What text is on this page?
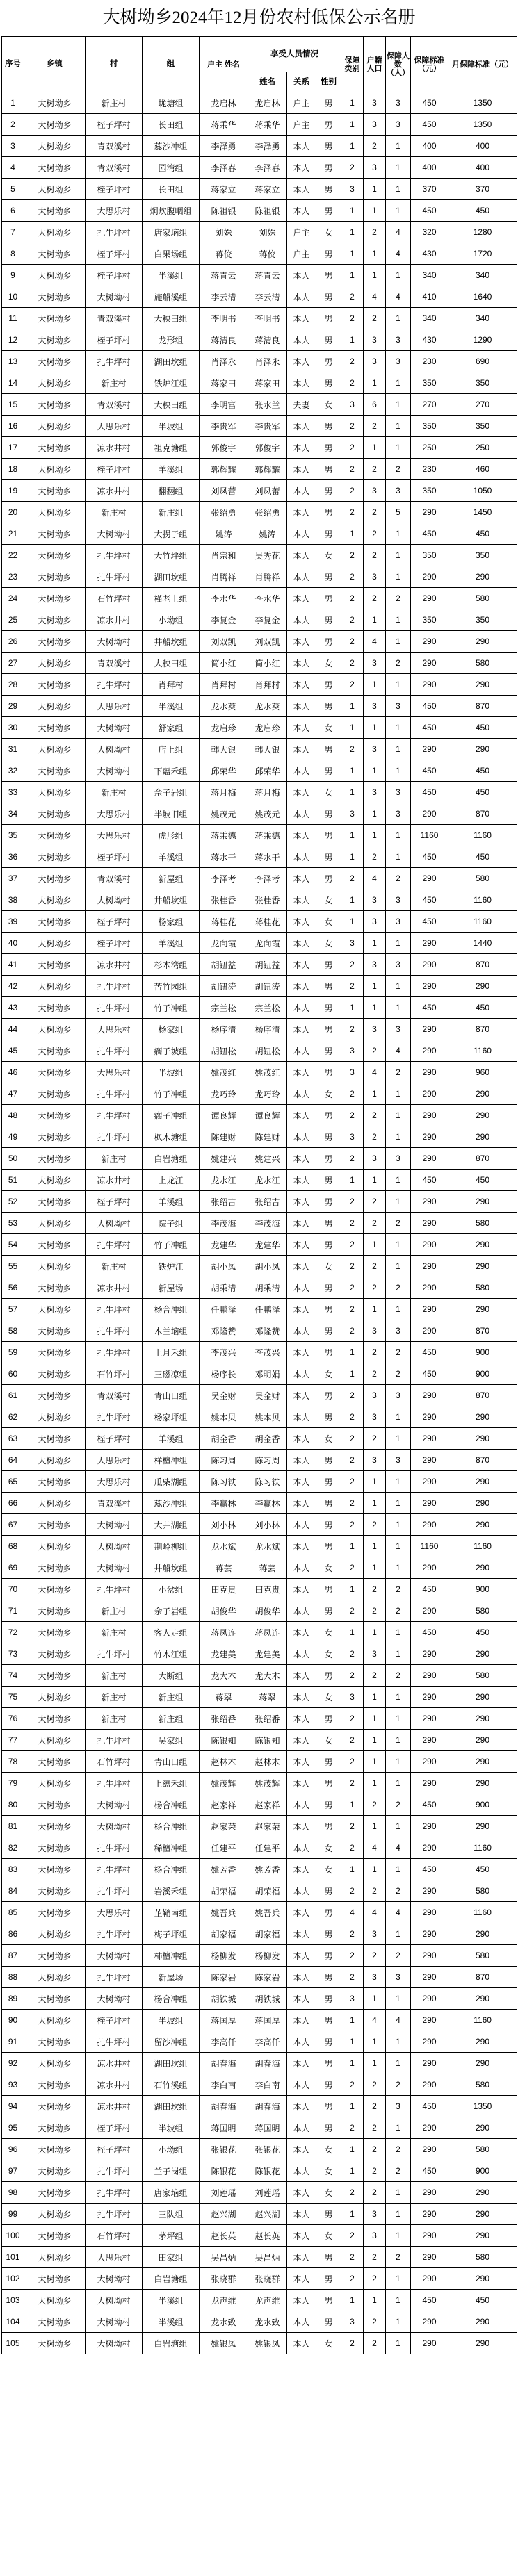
大树坳乡2024年12月份农村低保公示名册
序号	乡镇	村	组	户主 姓名	享受人员情况			保障类别	户籍人口	保障人数（人）	保障标准（元）	月保障标准（元）
					姓名	关系	性别					
1	大树坳乡	新庄村	垅塘组	龙启林	龙启林	户主	男	1	3	3	450	1350
2	大树坳乡	桎子坪村	长田组	蒋乘华	蒋乘华	户主	男	1	3	3	450	1350
3	大树坳乡	青双溪村	蕊沙冲组	李泽勇	李泽勇	本人	男	1	2	1	400	400
4	大树坳乡	青双溪村	园湾组	李泽春	李泽春	本人	男	2	3	1	400	400
5	大树坳乡	桎子坪村	长田组	蒋家立	蒋家立	本人	男	3	1	1	370	370
6	大树坳乡	大思乐村	炯炊腹咽组	陈祖银	陈祖银	本人	男	1	1	1	450	450
7	大树坳乡	扎牛坪村	唐家垴组	刘姝	刘姝	户主	女	1	2	4	320	1280
8	大树坳乡	桎子坪村	白果场组	蒋佼	蒋佼	户主	男	1	1	4	430	1720
9	大树坳乡	桎子坪村	半溪组	蒋青云	蒋青云	本人	男	1	1	1	340	340
10	大树坳乡	大树坳村	施船溪组	李云清	李云清	本人	男	2	4	4	410	1640
11	大树坳乡	青双溪村	大秧田组	李明书	李明书	本人	男	2	2	1	340	340
12	大树坳乡	桎子坪村	龙形组	蒋清良	蒋清良	本人	男	1	3	3	430	1290
13	大树坳乡	扎牛坪村	湖田坎组	肖泽永	肖泽永	本人	男	2	3	3	230	690
14	大树坳乡	新庄村	铁炉江组	蒋家田	蒋家田	本人	男	2	1	1	350	350
15	大树坳乡	青双溪村	大秧田组	李明富	张水兰	夫妻	女	3	6	1	270	270
16	大树坳乡	大思乐村	半坡组	李贵军	李贵军	本人	男	2	2	1	350	350
17	大树坳乡	凉水井村	祖克塘组	郭俊宇	郭俊宇	本人	男	2	1	1	250	250
18	大树坳乡	桎子坪村	羊溪组	郭辉耀	郭辉耀	本人	男	2	2	2	230	460
19	大树坳乡	凉水井村	翻翻组	刘凤蕾	刘凤蕾	本人	男	2	3	3	350	1050
20	大树坳乡	新庄村	新庄组	张绍勇	张绍勇	本人	男	2	2	5	290	1450
21	大树坳乡	大树坳村	大拐子组	姚涛	姚涛	本人	男	1	2	1	450	450
22	大树坳乡	扎牛坪村	大竹坪组	肖宗和	吴秀花	本人	女	2	2	1	350	350
23	大树坳乡	扎牛坪村	湖田坎组	肖腾祥	肖腾祥	本人	男	2	3	1	290	290
24	大树坳乡	石竹坪村	槿老上组	李水华	李水华	本人	男	2	2	2	290	580
25	大树坳乡	凉水井村	小坳组	李复金	李复金	本人	男	2	1	1	350	350
26	大树坳乡	大树坳村	井船坎组	刘双凯	刘双凯	本人	男	2	4	1	290	290
27	大树坳乡	青双溪村	大秧田组	简小红	简小红	本人	女	2	3	2	290	580
28	大树坳乡	扎牛坪村	肖拜村	肖拜村	肖拜村	本人	男	2	1	1	290	290
29	大树坳乡	大思乐村	半溪组	龙水葵	龙水葵	本人	男	1	3	3	450	870
30	大树坳乡	大树坳村	舒家组	龙启珍	龙启珍	本人	女	1	1	1	450	450
31	大树坳乡	大树坳村	店上组	韩大银	韩大银	本人	男	2	3	1	290	290
32	大树坳乡	大树坳村	下蕴禾组	邱荣华	邱荣华	本人	男	1	1	1	450	450
33	大树坳乡	新庄村	佘子岩组	蒋月梅	蒋月梅	本人	女	1	3	3	450	450
34	大树坳乡	大思乐村	半坡旧组	姚茂元	姚茂元	本人	男	3	1	3	290	870
35	大树坳乡	大思乐村	虎形组	蒋乘德	蒋乘德	本人	男	1	1	1	1160	1160
36	大树坳乡	桎子坪村	羊溪组	蒋水干	蒋水干	本人	男	1	2	1	450	450
37	大树坳乡	青双溪村	新屋组	李泽考	李泽考	本人	男	2	4	2	290	580
38	大树坳乡	大树坳村	井船坎组	张桂香	张桂香	本人	女	1	3	3	450	1160
39	大树坳乡	桎子坪村	杨家组	蒋桂花	蒋桂花	本人	女	1	3	3	450	1160
40	大树坳乡	桎子坪村	羊溪组	龙向霞	龙向霞	本人	女	3	1	1	290	1440
41	大树坳乡	凉水井村	杉木湾组	胡钮益	胡钮益	本人	男	2	3	3	290	870
42	大树坳乡	扎牛坪村	苦竹园组	胡钮涛	胡钮涛	本人	男	2	1	1	290	290
43	大树坳乡	扎牛坪村	竹子冲组	宗兰松	宗兰松	本人	男	1	1	1	450	450
44	大树坳乡	大思乐村	杨家组	杨序清	杨序清	本人	男	2	3	3	290	870
45	大树坳乡	扎牛坪村	瘸子坡组	胡钮松	胡钮松	本人	男	3	2	4	290	1160
46	大树坳乡	大思乐村	半坡组	姚茂红	姚茂红	本人	男	3	4	2	290	960
47	大树坳乡	扎牛坪村	竹子冲组	龙巧玲	龙巧玲	本人	女	2	1	1	290	290
48	大树坳乡	扎牛坪村	瘸子冲组	谭良辉	谭良辉	本人	男	2	2	1	290	290
49	大树坳乡	扎牛坪村	枫木塘组	陈建财	陈建财	本人	男	3	2	1	290	290
50	大树坳乡	新庄村	白岩塘组	姚建兴	姚建兴	本人	男	2	3	3	290	870
51	大树坳乡	凉水井村	上龙江	龙水江	龙水江	本人	男	1	1	1	450	450
52	大树坳乡	桎子坪村	羊溪组	张绍吉	张绍吉	本人	男	2	2	1	290	290
53	大树坳乡	大树坳村	院子组	李茂海	李茂海	本人	男	2	2	2	290	580
54	大树坳乡	扎牛坪村	竹子冲组	龙建华	龙建华	本人	男	2	1	1	290	290
55	大树坳乡	新庄村	铁炉江	胡小凤	胡小凤	本人	女	2	2	1	290	290
56	大树坳乡	凉水井村	新屋场	胡乘清	胡乘清	本人	男	2	2	2	290	580
57	大树坳乡	扎牛坪村	杨合冲组	任鹏泽	任鹏泽	本人	男	2	1	1	290	290
58	大树坳乡	扎牛坪村	木兰垴组	邓隆赞	邓隆赞	本人	男	2	3	3	290	870
59	大树坳乡	扎牛坪村	上月禾组	李茂兴	李茂兴	本人	男	1	2	2	450	900
60	大树坳乡	石竹坪村	三磁凉组	杨序长	邓明娟	本人	女	1	2	2	450	900
61	大树坳乡	青双溪村	青山口组	吴金财	吴金财	本人	男	2	3	3	290	870
62	大树坳乡	扎牛坪村	杨家坪组	姚本贝	姚本贝	本人	男	2	3	1	290	290
63	大树坳乡	桎子坪村	羊溪组	胡金香	胡金香	本人	女	2	2	1	290	290
64	大树坳乡	大思乐村	样檀冲组	陈习周	陈习周	本人	男	2	3	3	290	870
65	大树坳乡	大思乐村	瓜柴湖组	陈习轶	陈习轶	本人	男	2	1	1	290	290
66	大树坳乡	青双溪村	蕊沙冲组	李赢林	李赢林	本人	男	2	1	1	290	290
67	大树坳乡	大树坳村	大井湖组	刘小林	刘小林	本人	男	2	2	1	290	290
68	大树坳乡	大树坳村	荆岭柳组	龙水斌	龙水斌	本人	男	1	1	1	1160	1160
69	大树坳乡	大树坳村	井船坎组	蒋芸	蒋芸	本人	女	2	1	1	290	290
70	大树坳乡	扎牛坪村	小岔组	田克贵	田克贵	本人	男	1	2	2	450	900
71	大树坳乡	新庄村	佘子岩组	胡俊华	胡俊华	本人	男	2	2	2	290	580
72	大树坳乡	新庄村	客人走组	蒋凤连	蒋凤连	本人	女	1	1	1	450	450
73	大树坳乡	扎牛坪村	竹木江组	龙建美	龙建美	本人	女	2	3	1	290	290
74	大树坳乡	新庄村	大断组	龙大木	龙大木	本人	男	2	2	2	290	580
75	大树坳乡	新庄村	新庄组	蒋翠	蒋翠	本人	女	3	1	1	290	290
76	大树坳乡	新庄村	新庄组	张绍番	张绍番	本人	男	2	1	1	290	290
77	大树坳乡	扎牛坪村	吴家组	陈银知	陈银知	本人	女	2	1	1	290	290
78	大树坳乡	石竹坪村	青山口组	赵林木	赵林木	本人	男	2	1	1	290	290
79	大树坳乡	扎牛坪村	上蕴禾组	姚茂辉	姚茂辉	本人	男	2	1	1	290	290
80	大树坳乡	大树坳村	杨合冲组	赵家祥	赵家祥	本人	男	1	2	2	450	900
81	大树坳乡	大树坳村	杨合冲组	赵家荣	赵家荣	本人	男	2	1	1	290	290
82	大树坳乡	扎牛坪村	稀檀冲组	任建平	任建平	本人	女	2	4	4	290	1160
83	大树坳乡	扎牛坪村	杨合冲组	姚芳香	姚芳香	本人	女	1	1	1	450	450
84	大树坳乡	扎牛坪村	岩溪禾组	胡荣福	胡荣福	本人	男	2	2	2	290	580
85	大树坳乡	大思乐村	芷鞘南组	姚吾兵	姚吾兵	本人	男	4	4	4	290	1160
86	大树坳乡	扎牛坪村	梅子坪组	胡家福	胡家福	本人	男	2	3	1	290	290
87	大树坳乡	大树坳村	柿檀冲组	杨柳发	杨柳发	本人	男	2	2	2	290	580
88	大树坳乡	扎牛坪村	新屋场	陈家岩	陈家岩	本人	男	2	3	3	290	870
89	大树坳乡	大树坳村	杨合冲组	胡铁城	胡铁城	本人	男	3	1	1	290	290
90	大树坳乡	桎子坪村	半坡组	蒋国厚	蒋国厚	本人	男	1	4	4	290	1160
91	大树坳乡	扎牛坪村	留沙冲组	李高仟	李高仟	本人	男	1	1	1	290	290
92	大树坳乡	凉水井村	湖田坎组	胡春海	胡春海	本人	男	1	1	1	290	290
93	大树坳乡	凉水井村	石竹溪组	李白南	李白南	本人	男	2	2	2	290	580
94	大树坳乡	凉水井村	湖田坎组	胡春海	胡春海	本人	男	1	2	3	450	1350
95	大树坳乡	桎子坪村	半坡组	蒋国明	蒋国明	本人	男	2	2	1	290	290
96	大树坳乡	桎子坪村	小坳组	张银花	张银花	本人	女	1	2	2	290	580
97	大树坳乡	扎牛坪村	兰子岗组	陈银花	陈银花	本人	女	1	2	2	450	900
98	大树坳乡	扎牛坪村	唐家垴组	刘莲瑶	刘莲瑶	本人	女	2	2	1	290	290
99	大树坳乡	扎牛坪村	三队组	赵兴湖	赵兴湖	本人	男	1	3	1	290	290
100	大树坳乡	石竹坪村	茅坪组	赵长英	赵长英	本人	女	2	3	1	290	290
101	大树坳乡	大思乐村	田家组	吴昌炳	吴昌炳	本人	男	2	2	2	290	580
102	大树坳乡	大树坳村	白岩塘组	张晓群	张晓群	本人	男	2	2	1	290	290
103	大树坳乡	大树坳村	半溪组	龙声维	龙声维	本人	男	1	1	1	450	450
104	大树坳乡	大树坳村	半溪组	龙水致	龙水致	本人	男	3	2	1	290	290
105	大树坳乡	大树坳村	白岩塘组	姚银凤	姚银凤	本人	女	2	2	1	290	290
